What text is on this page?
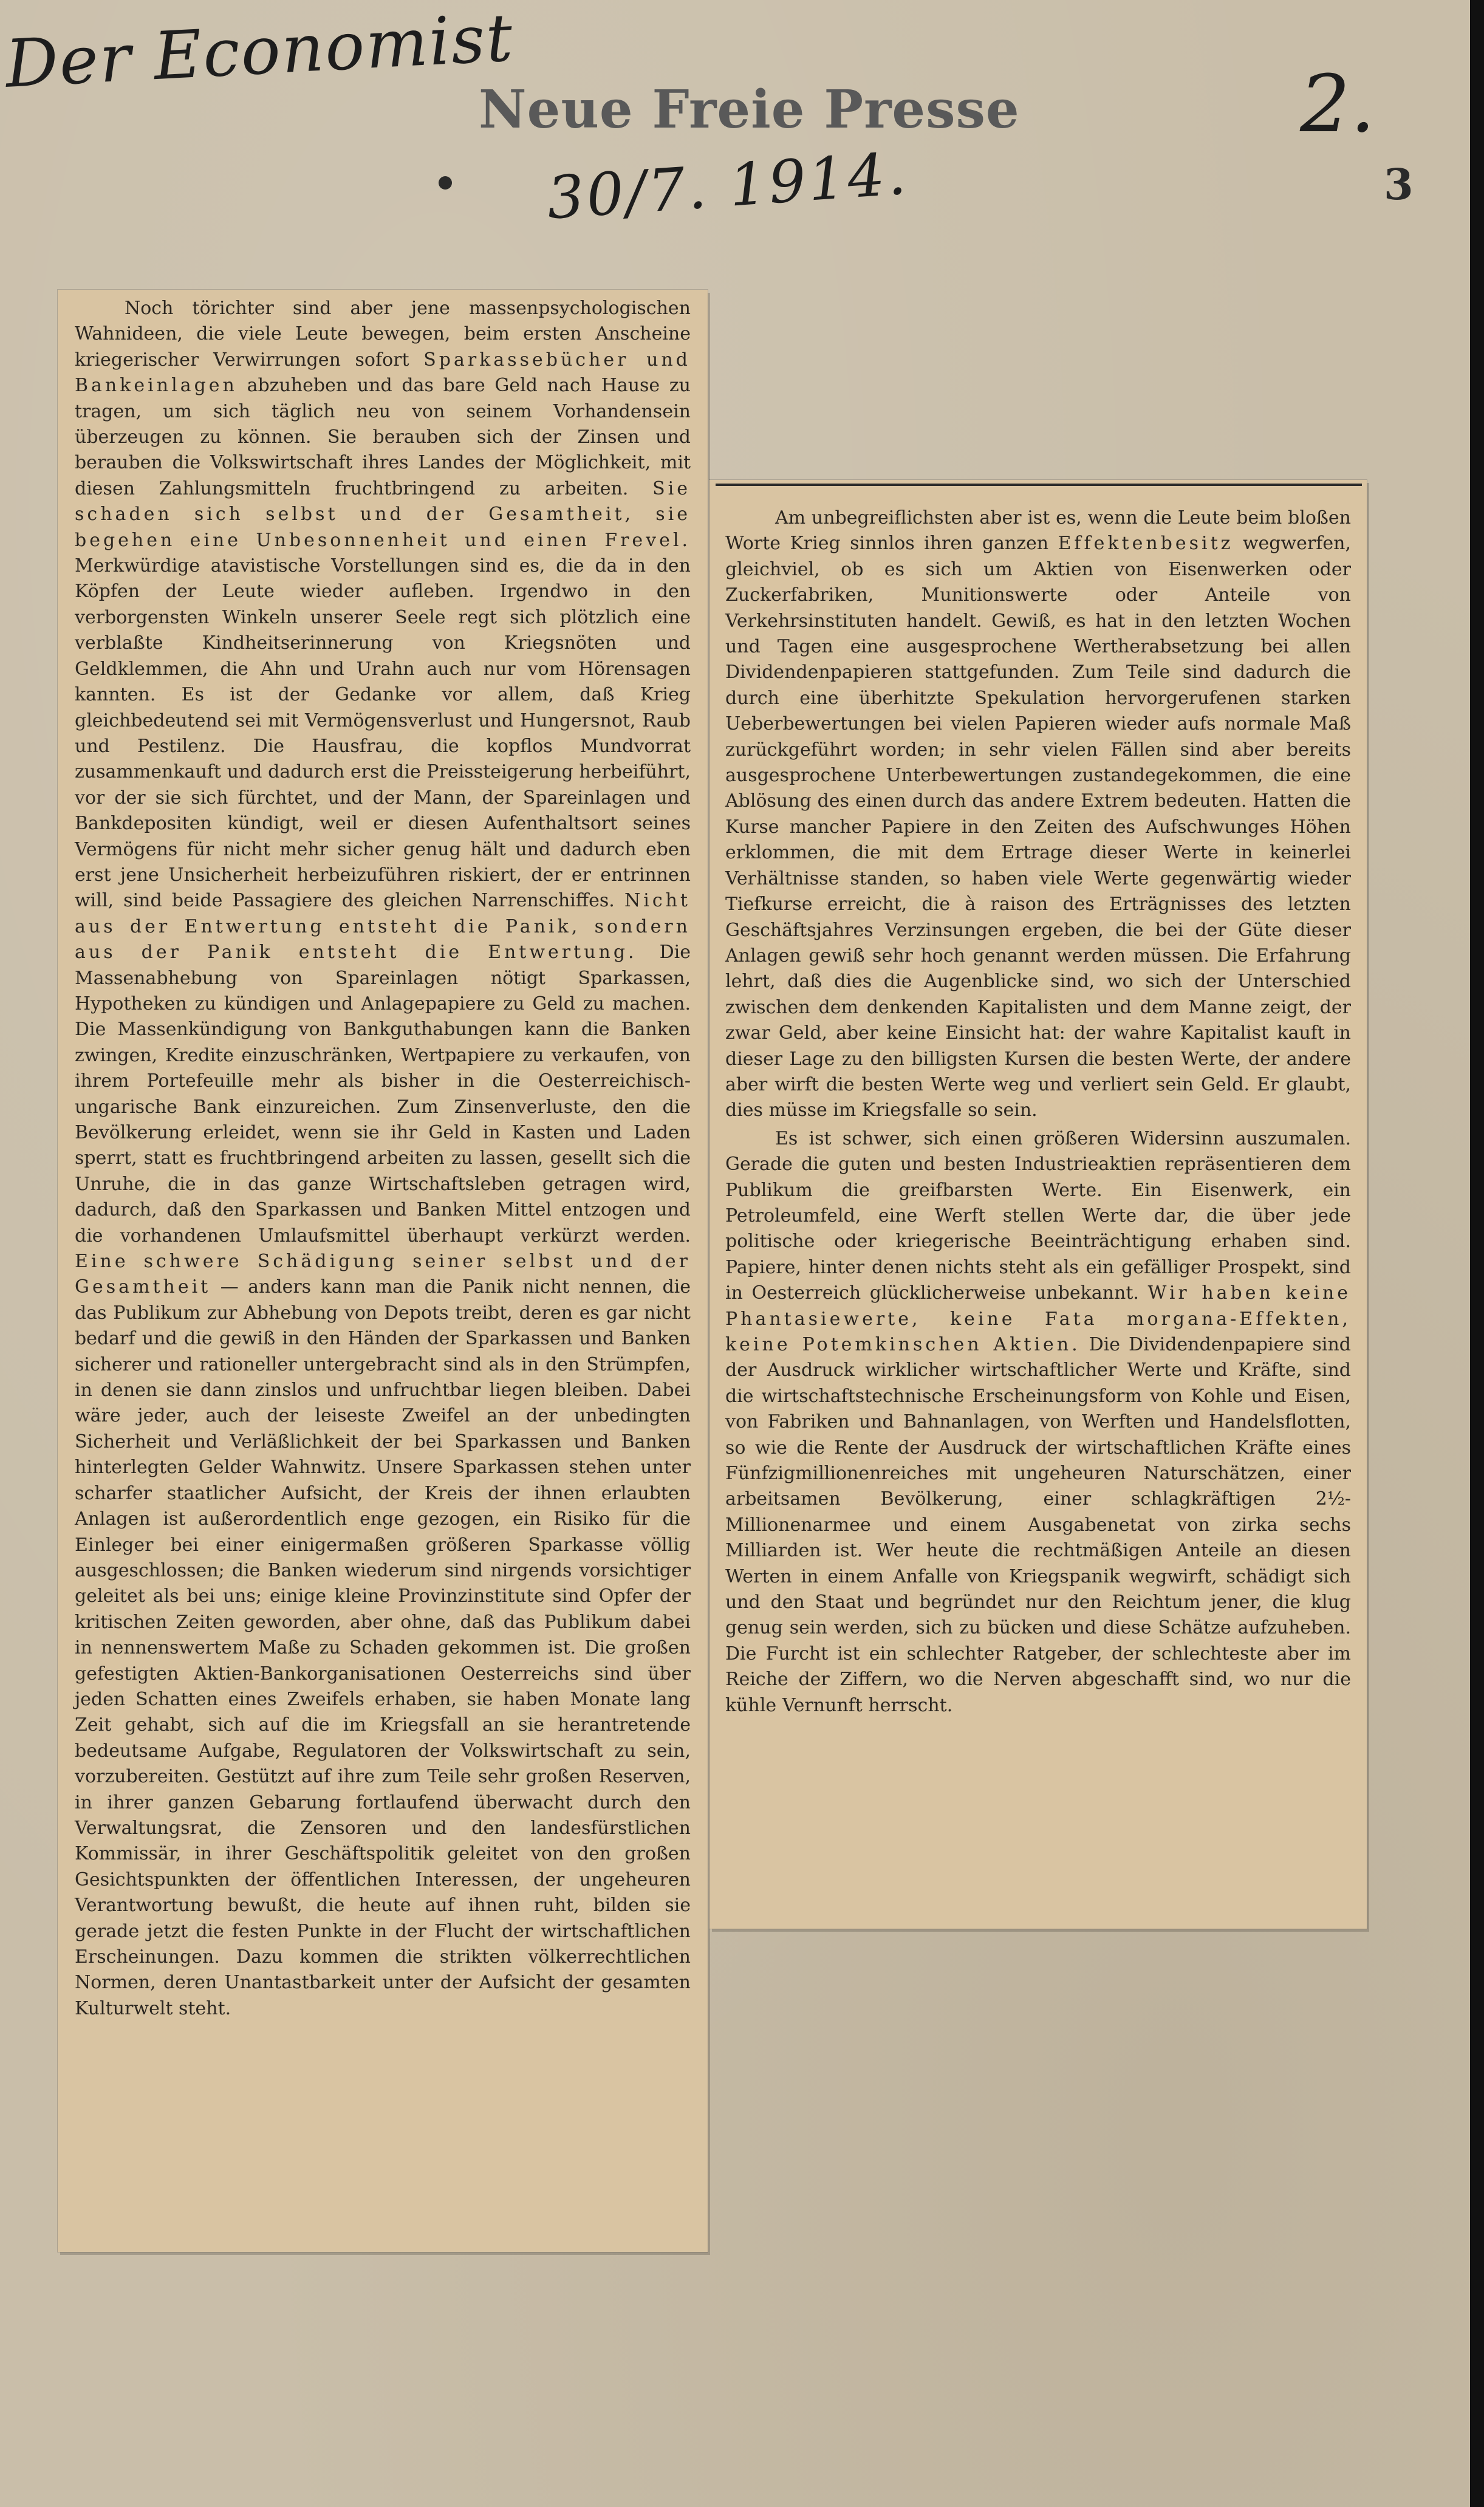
Der Economist
Neue Freie Presse	2.
3
30/7. 1914.

Noch törichter sind aber jene massenpsychologischen Wahnideen, die viele Leute bewegen, beim ersten Anscheine kriegerischer Verwirrungen sofort Sparkassebücher und Bankeinlagen abzuheben und das bare Geld nach Hause zu tragen, um sich täglich neu von seinem Vorhandensein überzeugen zu können. Sie berauben sich der Zinsen und berauben die Volkswirtschaft ihres Landes der Möglichkeit, mit diesen Zahlungsmitteln fruchtbringend zu arbeiten. Sie schaden sich selbst und der Gesamtheit, sie begehen eine Unbesonnenheit und einen Frevel. Merkwürdige atavistische Vorstellungen sind es, die da in den Köpfen der Leute wieder aufleben. Irgendwo in den verborgensten Winkeln unserer Seele regt sich plötzlich eine verblaßte Kindheitserinnerung von Kriegsnöten und Geldklemmen, die Ahn und Urahn auch nur vom Hörensagen kannten. Es ist der Gedanke vor allem, daß Krieg gleichbedeutend sei mit Vermögensverlust und Hungersnot, Raub und Pestilenz. Die Hausfrau, die kopflos Mundvorrat zusammenkauft und dadurch erst die Preissteigerung herbeiführt, vor der sie sich fürchtet, und der Mann, der Spareinlagen und Bankdepositen kündigt, weil er diesen Aufenthaltsort seines Vermögens für nicht mehr sicher genug hält und dadurch eben erst jene Unsicherheit herbeizuführen riskiert, der er entrinnen will, sind beide Passagiere des gleichen Narrenschiffes. Nicht aus der Entwertung entsteht die Panik, sondern aus der Panik entsteht die Entwertung. Die Massenabhebung von Spareinlagen nötigt Sparkassen, Hypotheken zu kündigen und Anlagepapiere zu Geld zu machen. Die Massenkündigung von Bankguthabungen kann die Banken zwingen, Kredite einzuschränken, Wertpapiere zu verkaufen, von ihrem Portefeuille mehr als bisher in die Oesterreichisch-ungarische Bank einzureichen. Zum Zinsenverluste, den die Bevölkerung erleidet, wenn sie ihr Geld in Kasten und Laden sperrt, statt es fruchtbringend arbeiten zu lassen, gesellt sich die Unruhe, die in das ganze Wirtschaftsleben getragen wird, dadurch, daß den Sparkassen und Banken Mittel entzogen und die vorhandenen Umlaufsmittel überhaupt verkürzt werden. Eine schwere Schädigung seiner selbst und der Gesamtheit — anders kann man die Panik nicht nennen, die das Publikum zur Abhebung von Depots treibt, deren es gar nicht bedarf und die gewiß in den Händen der Sparkassen und Banken sicherer und rationeller untergebracht sind als in den Strümpfen, in denen sie dann zinslos und unfruchtbar liegen bleiben. Dabei wäre jeder, auch der leiseste Zweifel an der unbedingten Sicherheit und Verläßlichkeit der bei Sparkassen und Banken hinterlegten Gelder Wahnwitz. Unsere Sparkassen stehen unter scharfer staatlicher Aufsicht, der Kreis der ihnen erlaubten Anlagen ist außerordentlich enge gezogen, ein Risiko für die Einleger bei einer einigermaßen größeren Sparkasse völlig ausgeschlossen; die Banken wiederum sind nirgends vorsichtiger geleitet als bei uns; einige kleine Provinzinstitute sind Opfer der kritischen Zeiten geworden, aber ohne, daß das Publikum dabei in nennenswertem Maße zu Schaden gekommen ist. Die großen gefestigten Aktien-Bankorganisationen Oesterreichs sind über jeden Schatten eines Zweifels erhaben, sie haben Monate lang Zeit gehabt, sich auf die im Kriegsfall an sie herantretende bedeutsame Aufgabe, Regulatoren der Volkswirtschaft zu sein, vorzubereiten. Gestützt auf ihre zum Teile sehr großen Reserven, in ihrer ganzen Gebarung fortlaufend überwacht durch den Verwaltungsrat, die Zensoren und den landesfürstlichen Kommissär, in ihrer Geschäftspolitik geleitet von den großen Gesichtspunkten der öffentlichen Interessen, der ungeheuren Verantwortung bewußt, die heute auf ihnen ruht, bilden sie gerade jetzt die festen Punkte in der Flucht der wirtschaftlichen Erscheinungen. Dazu kommen die strikten völkerrechtlichen Normen, deren Unantastbarkeit unter der Aufsicht der gesamten Kulturwelt steht.

Am unbegreiflichsten aber ist es, wenn die Leute beim bloßen Worte Krieg sinnlos ihren ganzen Effektenbesitz wegwerfen, gleichviel, ob es sich um Aktien von Eisenwerken oder Zuckerfabriken, Munitionswerte oder Anteile von Verkehrsinstituten handelt. Gewiß, es hat in den letzten Wochen und Tagen eine ausgesprochene Wertherabsetzung bei allen Dividendenpapieren stattgefunden. Zum Teile sind dadurch die durch eine überhitzte Spekulation hervorgerufenen starken Ueberbewertungen bei vielen Papieren wieder aufs normale Maß zurückgeführt worden; in sehr vielen Fällen sind aber bereits ausgesprochene Unterbewertungen zustandegekommen, die eine Ablösung des einen durch das andere Extrem bedeuten. Hatten die Kurse mancher Papiere in den Zeiten des Aufschwunges Höhen erklommen, die mit dem Ertrage dieser Werte in keinerlei Verhältnisse standen, so haben viele Werte gegenwärtig wieder Tiefkurse erreicht, die à raison des Erträgnisses des letzten Geschäftsjahres Verzinsungen ergeben, die bei der Güte dieser Anlagen gewiß sehr hoch genannt werden müssen. Die Erfahrung lehrt, daß dies die Augenblicke sind, wo sich der Unterschied zwischen dem denkenden Kapitalisten und dem Manne zeigt, der zwar Geld, aber keine Einsicht hat: der wahre Kapitalist kauft in dieser Lage zu den billigsten Kursen die besten Werte, der andere aber wirft die besten Werte weg und verliert sein Geld. Er glaubt, dies müsse im Kriegsfalle so sein.

Es ist schwer, sich einen größeren Widersinn auszumalen. Gerade die guten und besten Industrieaktien repräsentieren dem Publikum die greifbarsten Werte. Ein Eisenwerk, ein Petroleumfeld, eine Werft stellen Werte dar, die über jede politische oder kriegerische Beeinträchtigung erhaben sind. Papiere, hinter denen nichts steht als ein gefälliger Prospekt, sind in Oesterreich glücklicherweise unbekannt. Wir haben keine Phantasiewerte, keine Fata morgana-Effekten, keine Potemkinschen Aktien. Die Dividendenpapiere sind der Ausdruck wirklicher wirtschaftlicher Werte und Kräfte, sind die wirtschaftstechnische Erscheinungsform von Kohle und Eisen, von Fabriken und Bahnanlagen, von Werften und Handelsflotten, so wie die Rente der Ausdruck der wirtschaftlichen Kräfte eines Fünfzigmillionenreiches mit ungeheuren Naturschätzen, einer arbeitsamen Bevölkerung, einer schlagkräftigen 2½-Millionenarmee und einem Ausgabenetat von zirka sechs Milliarden ist. Wer heute die rechtmäßigen Anteile an diesen Werten in einem Anfalle von Kriegspanik wegwirft, schädigt sich und den Staat und begründet nur den Reichtum jener, die klug genug sein werden, sich zu bücken und diese Schätze aufzuheben. Die Furcht ist ein schlechter Ratgeber, der schlechteste aber im Reiche der Ziffern, wo die Nerven abgeschafft sind, wo nur die kühle Vernunft herrscht.
